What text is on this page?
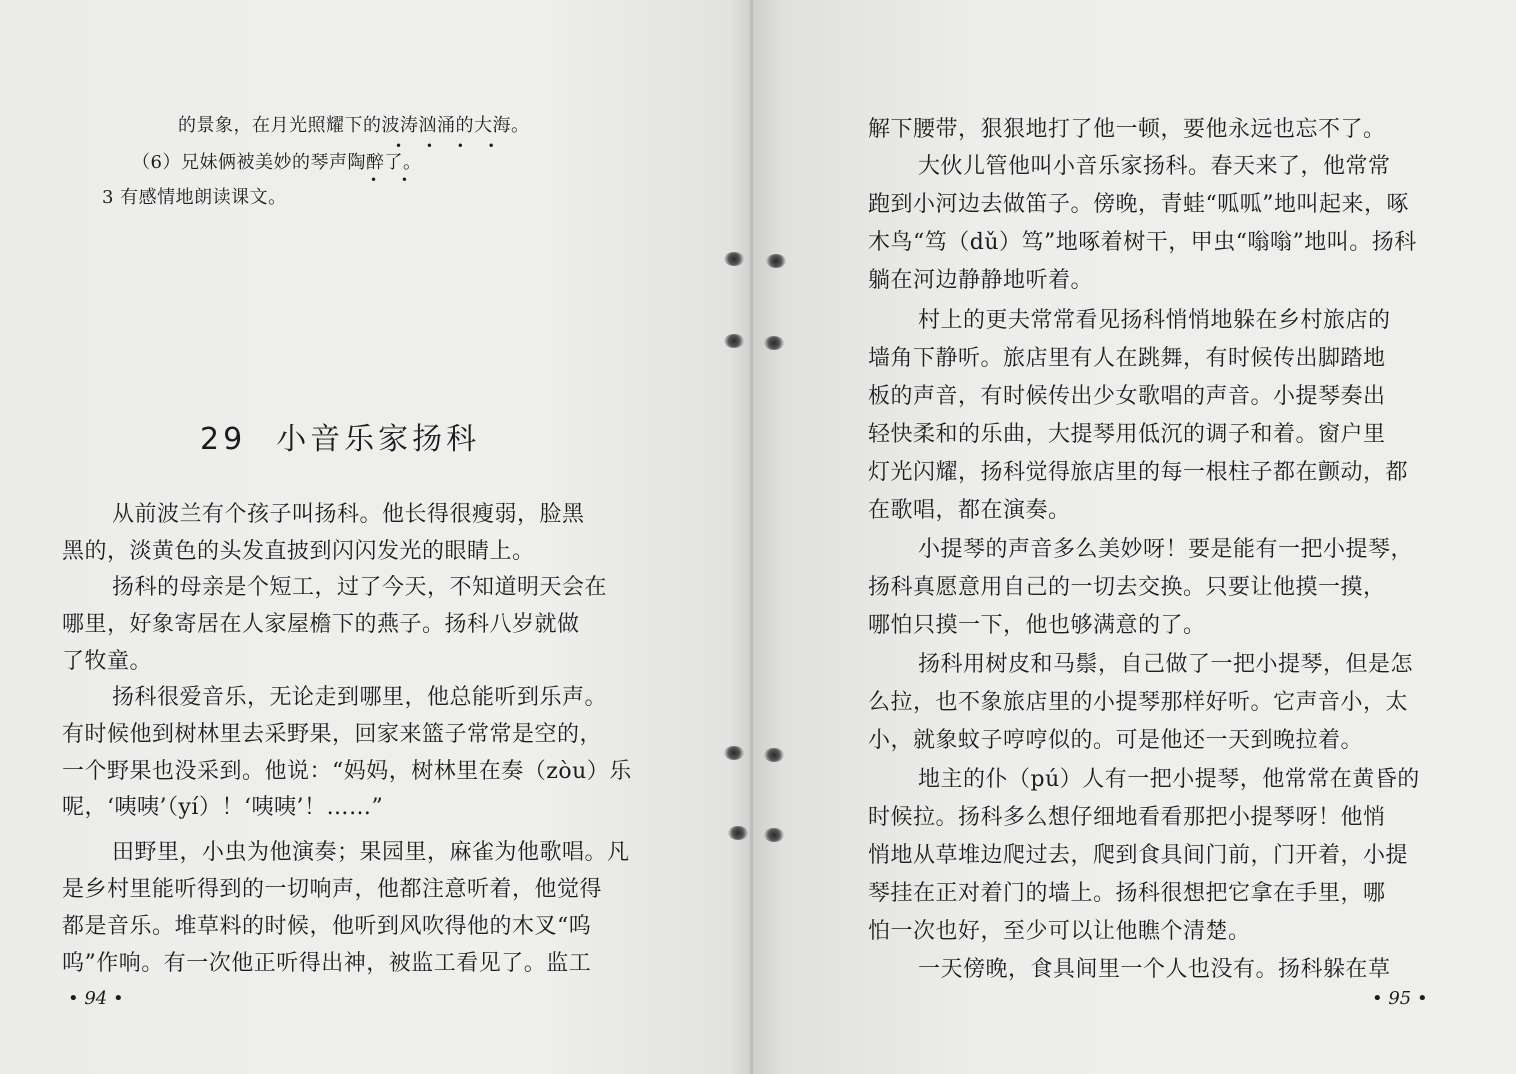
的景象，在月光照耀下的波涛汹涌的大海。
• • • •
（6）兄妹俩被美妙的琴声陶醉了。
• •
3 有感情地朗读课文。
29 小音乐家扬科
从前波兰有个孩子叫扬科。他长得很瘦弱，脸黑
黑的，淡黄色的头发直披到闪闪发光的眼睛上。
扬科的母亲是个短工，过了今天，不知道明天会在
哪里，好象寄居在人家屋檐下的燕子。扬科八岁就做
了牧童。
扬科很爱音乐，无论走到哪里，他总能听到乐声。
有时候他到树林里去采野果，回家来篮子常常是空的，
一个野果也没采到。他说：“妈妈，树林里在奏（zòu）乐
呢，‘咦咦’（yí）！‘咦咦’！……”
田野里，小虫为他演奏；果园里，麻雀为他歌唱。凡
是乡村里能听得到的一切响声，他都注意听着，他觉得
都是音乐。堆草料的时候，他听到风吹得他的木叉“呜
呜”作响。有一次他正听得出神，被监工看见了。监工
• 94 •
解下腰带，狠狠地打了他一顿，要他永远也忘不了。
大伙儿管他叫小音乐家扬科。春天来了，他常常
跑到小河边去做笛子。傍晚，青蛙“呱呱”地叫起来，啄
木鸟“笃（dǔ）笃”地啄着树干，甲虫“嗡嗡”地叫。扬科
躺在河边静静地听着。
村上的更夫常常看见扬科悄悄地躲在乡村旅店的
墙角下静听。旅店里有人在跳舞，有时候传出脚踏地
板的声音，有时候传出少女歌唱的声音。小提琴奏出
轻快柔和的乐曲，大提琴用低沉的调子和着。窗户里
灯光闪耀，扬科觉得旅店里的每一根柱子都在颤动，都
在歌唱，都在演奏。
小提琴的声音多么美妙呀！要是能有一把小提琴，
扬科真愿意用自己的一切去交换。只要让他摸一摸，
哪怕只摸一下，他也够满意的了。
扬科用树皮和马鬃，自己做了一把小提琴，但是怎
么拉，也不象旅店里的小提琴那样好听。它声音小，太
小，就象蚊子哼哼似的。可是他还一天到晚拉着。
地主的仆（pú）人有一把小提琴，他常常在黄昏的
时候拉。扬科多么想仔细地看看那把小提琴呀！他悄
悄地从草堆边爬过去，爬到食具间门前，门开着，小提
琴挂在正对着门的墙上。扬科很想把它拿在手里，哪
怕一次也好，至少可以让他瞧个清楚。
一天傍晚，食具间里一个人也没有。扬科躲在草
• 95 •
